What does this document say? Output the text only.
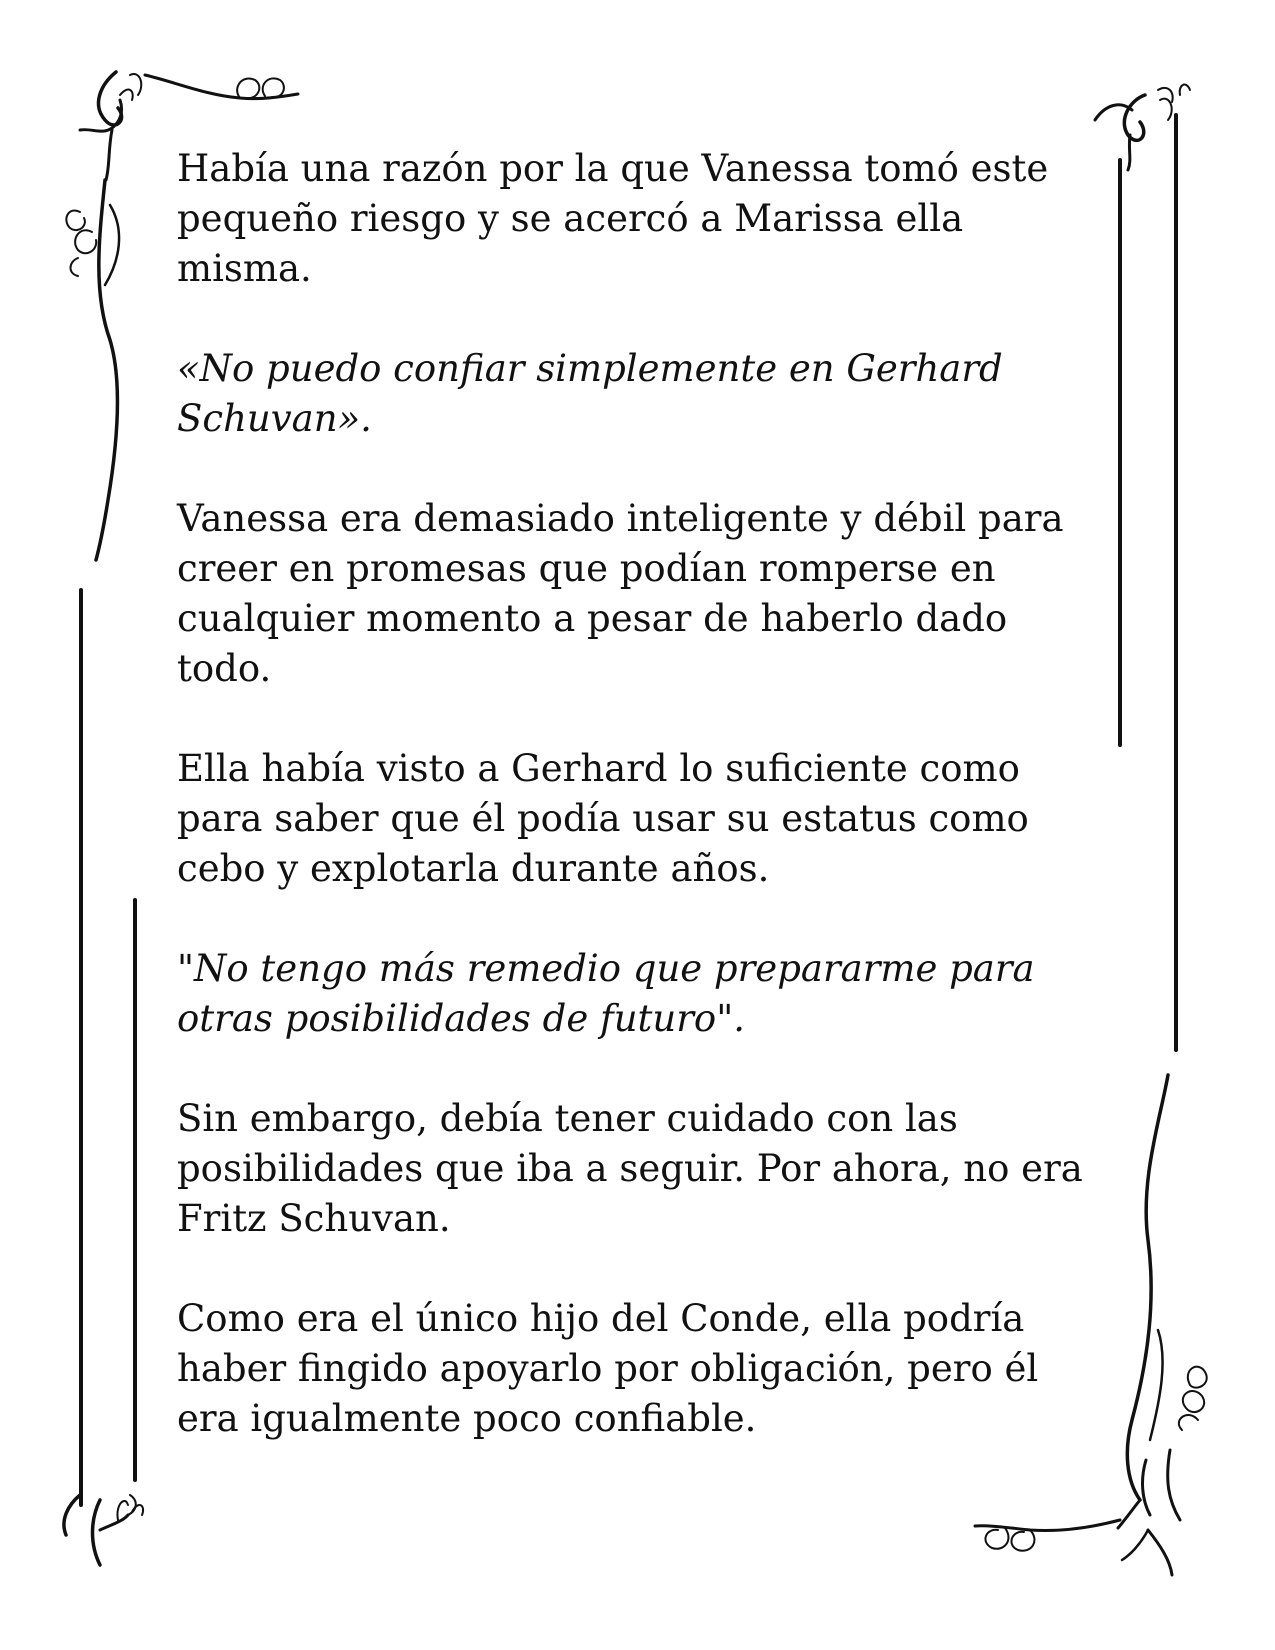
Había una razón por la que Vanessa tomó este pequeño riesgo y se acercó a Marissa ella misma.

«No puedo confiar simplemente en Gerhard Schuvan».

Vanessa era demasiado inteligente y débil para creer en promesas que podían romperse en cualquier momento a pesar de haberlo dado todo.

Ella había visto a Gerhard lo suficiente como para saber que él podía usar su estatus como cebo y explotarla durante años.

"No tengo más remedio que prepararme para otras posibilidades de futuro".

Sin embargo, debía tener cuidado con las posibilidades que iba a seguir. Por ahora, no era Fritz Schuvan.

Como era el único hijo del Conde, ella podría haber fingido apoyarlo por obligación, pero él era igualmente poco confiable.
